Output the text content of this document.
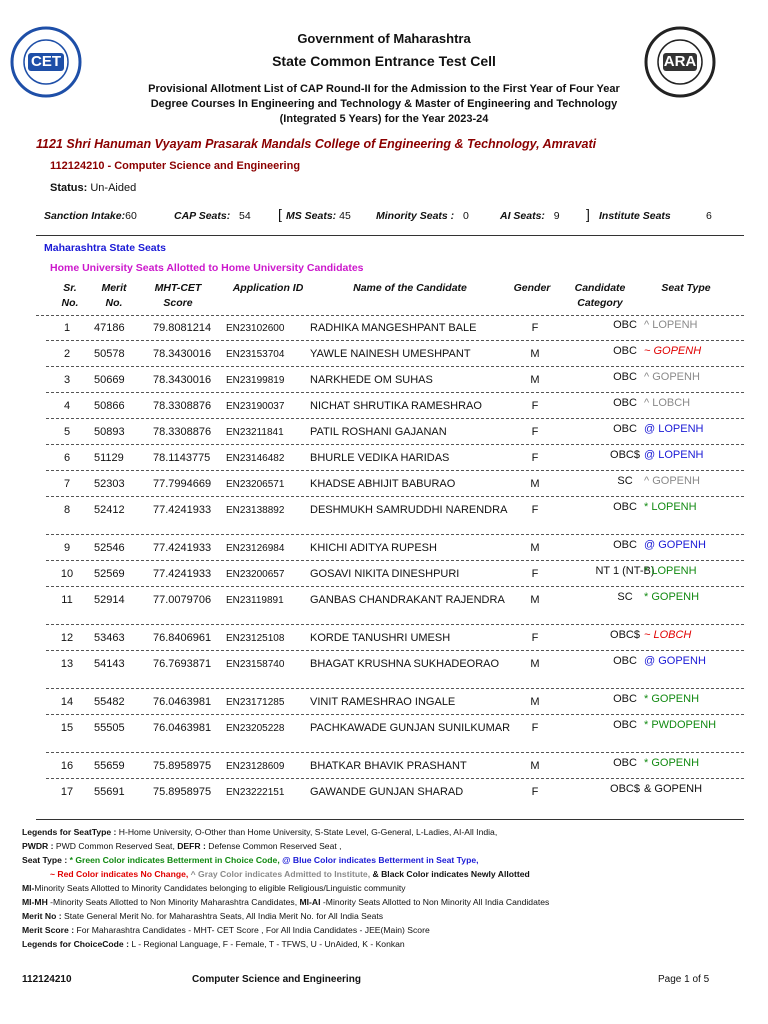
CET	ARA
Government of Maharashtra
State Common Entrance Test Cell
Provisional Allotment List of CAP Round-II for the Admission to the First Year of Four Year
Degree Courses In Engineering and Technology & Master of Engineering and Technology
(Integrated 5 Years) for the Year 2023-24
1121 Shri Hanuman Vyayam Prasarak Mandals College of Engineering & Technology, Amravati
112124210 - Computer Science and Engineering
Status: Un-Aided
Sanction Intake:60	CAP Seats: 54 [ MS Seats: 45 Minority Seats : 0	AI Seats: 9 ] Institute Seats	6
Maharashtra State Seats
Home University Seats Allotted to Home University Candidates
Sr.
No.
Merit
No.
MHT-CET
Score
Application ID	Name of the Candidate	Gender	Candidate
Category
Seat Type
1	47186	79.8081214	EN23102600	RADHIKA MANGESHPANT BALE	F	OBC ^ LOPENH
2	50578	78.3430016	EN23153704	YAWLE NAINESH UMESHPANT	M	OBC ~ GOPENH
3	50669	78.3430016	EN23199819	NARKHEDE OM SUHAS	M	OBC ^ GOPENH
4	50866	78.3308876	EN23190037	NICHAT SHRUTIKA RAMESHRAO	F	OBC ^ LOBCH
5	50893	78.3308876	EN23211841	PATIL ROSHANI GAJANAN	F	OBC @ LOPENH
6	51129	78.1143775	EN23146482	BHURLE VEDIKA HARIDAS	F	OBC$ @ LOPENH
7	52303	77.7994669	EN23206571	KHADSE ABHIJIT BABURAO	M	SC	^ GOPENH
8	52412	77.4241933	EN23138892	DESHMUKH SAMRUDDHI NARENDRA	F	OBC * LOPENH
9	52546	77.4241933	EN23126984	KHICHI ADITYA RUPESH	M	OBC @ GOPENH
10	52569	77.4241933	EN23200657	GOSAVI NIKITA DINESHPURI	F	NT 1 (NT-B)
* LOPENH
11	52914	77.0079706	EN23119891	GANBAS CHANDRAKANT RAJENDRA	M	SC	* GOPENH
12	53463	76.8406961	EN23125108	KORDE TANUSHRI UMESH	F	OBC$ ~ LOBCH
13	54143	76.7693871	EN23158740	BHAGAT KRUSHNA SUKHADEORAO	M	OBC @ GOPENH
14	55482	76.0463981	EN23171285	VINIT RAMESHRAO INGALE	M	OBC * GOPENH
15	55505	76.0463981	EN23205228	PACHKAWADE GUNJAN SUNILKUMAR	F	OBC * PWDOPENH
16	55659	75.8958975	EN23128609	BHATKAR BHAVIK PRASHANT	M	OBC * GOPENH
17	55691	75.8958975	EN23222151	GAWANDE GUNJAN SHARAD	F	OBC$ & GOPENH
Legends for SeatType : H-Home University, O-Other than Home University, S-State Level, G-General, L-Ladies, AI-All India,
PWDR : PWD Common Reserved Seat, DEFR : Defense Common Reserved Seat ,
Seat Type : * Green Color indicates Betterment in Choice Code, @ Blue Color indicates Betterment in Seat Type,
~ Red Color indicates No Change, ^ Gray Color indicates Admitted to Institute, & Black Color indicates Newly Allotted
MI-Minority Seats Allotted to Minority Candidates belonging to eligible Religious/Linguistic community
MI-MH -Minority Seats Allotted to Non Minority Maharashtra Candidates, MI-AI -Minority Seats Allotted to Non Minority All India Candidates
Merit No : State General Merit No. for Maharashtra Seats, All India Merit No. for All India Seats
Merit Score : For Maharashtra Candidates - MHT- CET Score , For All India Candidates - JEE(Main) Score
Legends for ChoiceCode : L - Regional Language, F - Female, T - TFWS, U - UnAided, K - Konkan
112124210	Computer Science and Engineering	Page 1 of 5
